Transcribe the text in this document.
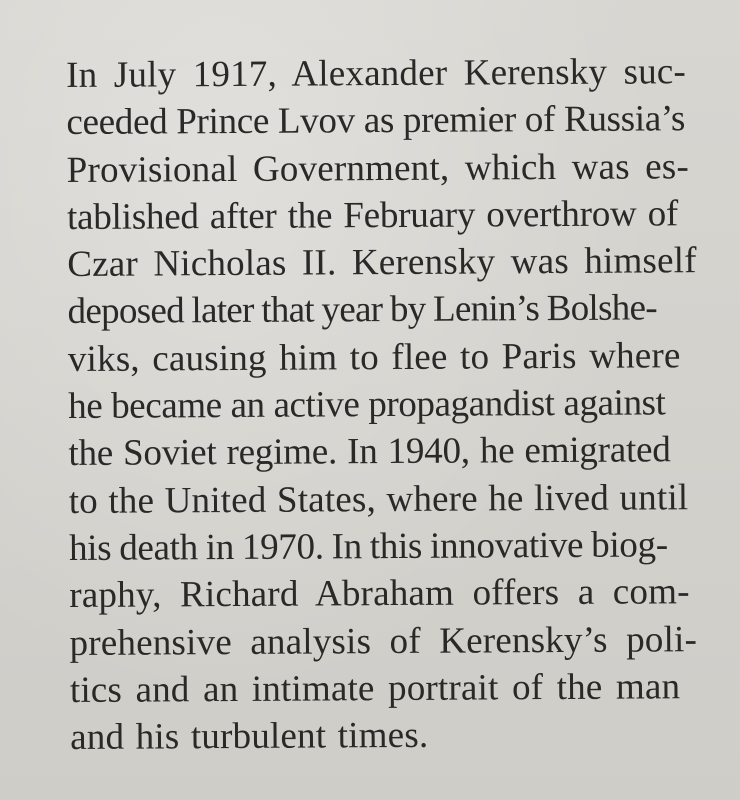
In July 1917, Alexander Kerensky suc-
ceeded Prince Lvov as premier of Russia’s
Provisional Government, which was es-
tablished after the February overthrow of
Czar Nicholas II. Kerensky was himself
deposed later that year by Lenin’s Bolshe-
viks, causing him to flee to Paris where
he became an active propagandist against
the Soviet regime. In 1940, he emigrated
to the United States, where he lived until
his death in 1970. In this innovative biog-
raphy, Richard Abraham offers a com-
prehensive analysis of Kerensky’s poli-
tics and an intimate portrait of the man
and his turbulent times.
